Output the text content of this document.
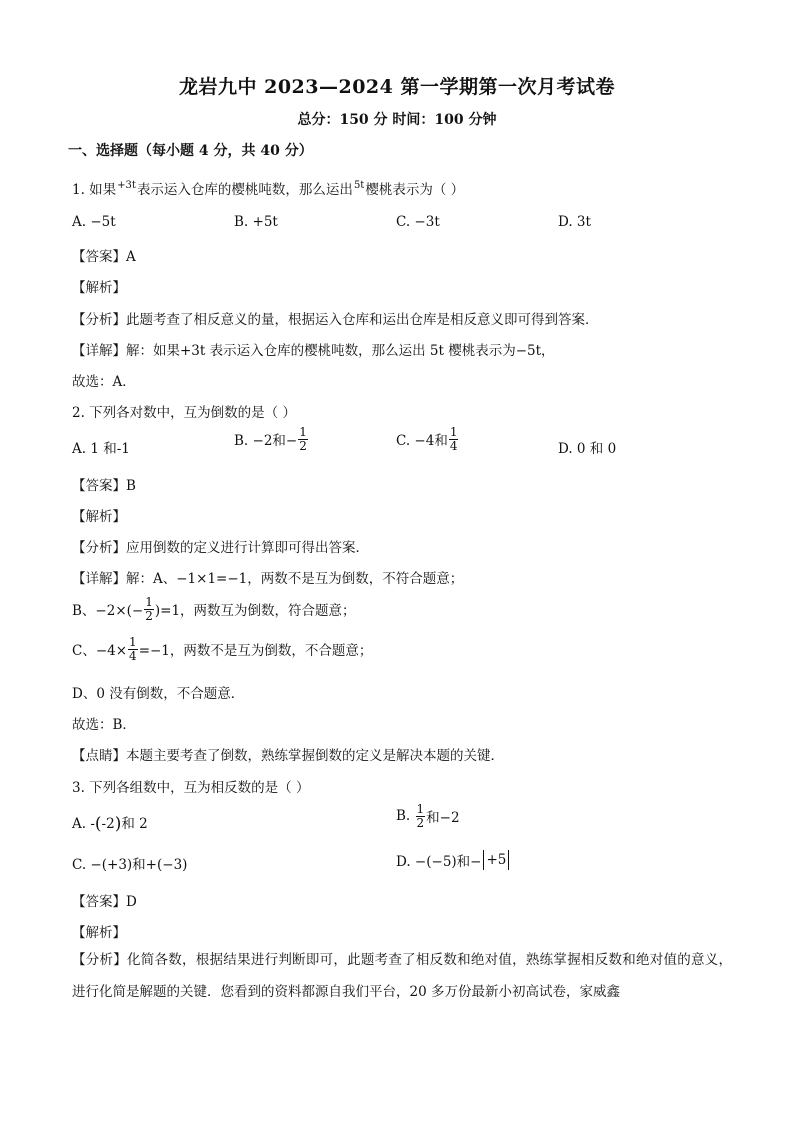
龙岩九中 2023—2024 第一学期第一次月考试卷
总分：150 分 时间：100 分钟
一、选择题（每小题 4 分，共 40 分）
1. 如果$^{+3t}$表示运入仓库的樱桃吨数，那么运出$^{5t}$樱桃表示为（ ）
A. −5t	B. +5t	C. −3t	D. 3t
【答案】A
【解析】
【分析】此题考查了相反意义的量，根据运入仓库和运出仓库是相反意义即可得到答案．
【详解】解：如果+3t 表示运入仓库的樱桃吨数，那么运出 5t 樱桃表示为−5t，
故选：A．
2. 下列各对数中，互为倒数的是（ ）
A. 1 和-1	B. −2和− $\frac{1}{2}$	C. −4和 $\frac{1}{4}$	D. 0 和 0
【答案】B
【解析】
【分析】应用倒数的定义进行计算即可得出答案．
【详解】解：A、−1×1=−1，两数不是互为倒数，不符合题意；
B、$-2\times(- \frac{1}{2} )=1$，两数互为倒数，符合题意；
C、$-4\times \frac{1}{4} =-1$，两数不是互为倒数，不合题意；
D、0 没有倒数，不合题意．
故选：B．
【点睛】本题主要考查了倒数，熟练掌握倒数的定义是解决本题的关键．
3. 下列各组数中，互为相反数的是（ ）
A. -(-2)和 2	B. $\frac{1}{2}$ 和−2
C. −(+3)和+(−3)	D. −(−5)和− +5
【答案】D
【解析】
【分析】化简各数，根据结果进行判断即可，此题考查了相反数和绝对值，熟练掌握相反数和绝对值的意义，进行化简是解题的关键．您看到的资料都源自我们平台，20 多万份最新小初高试卷，家威鑫
